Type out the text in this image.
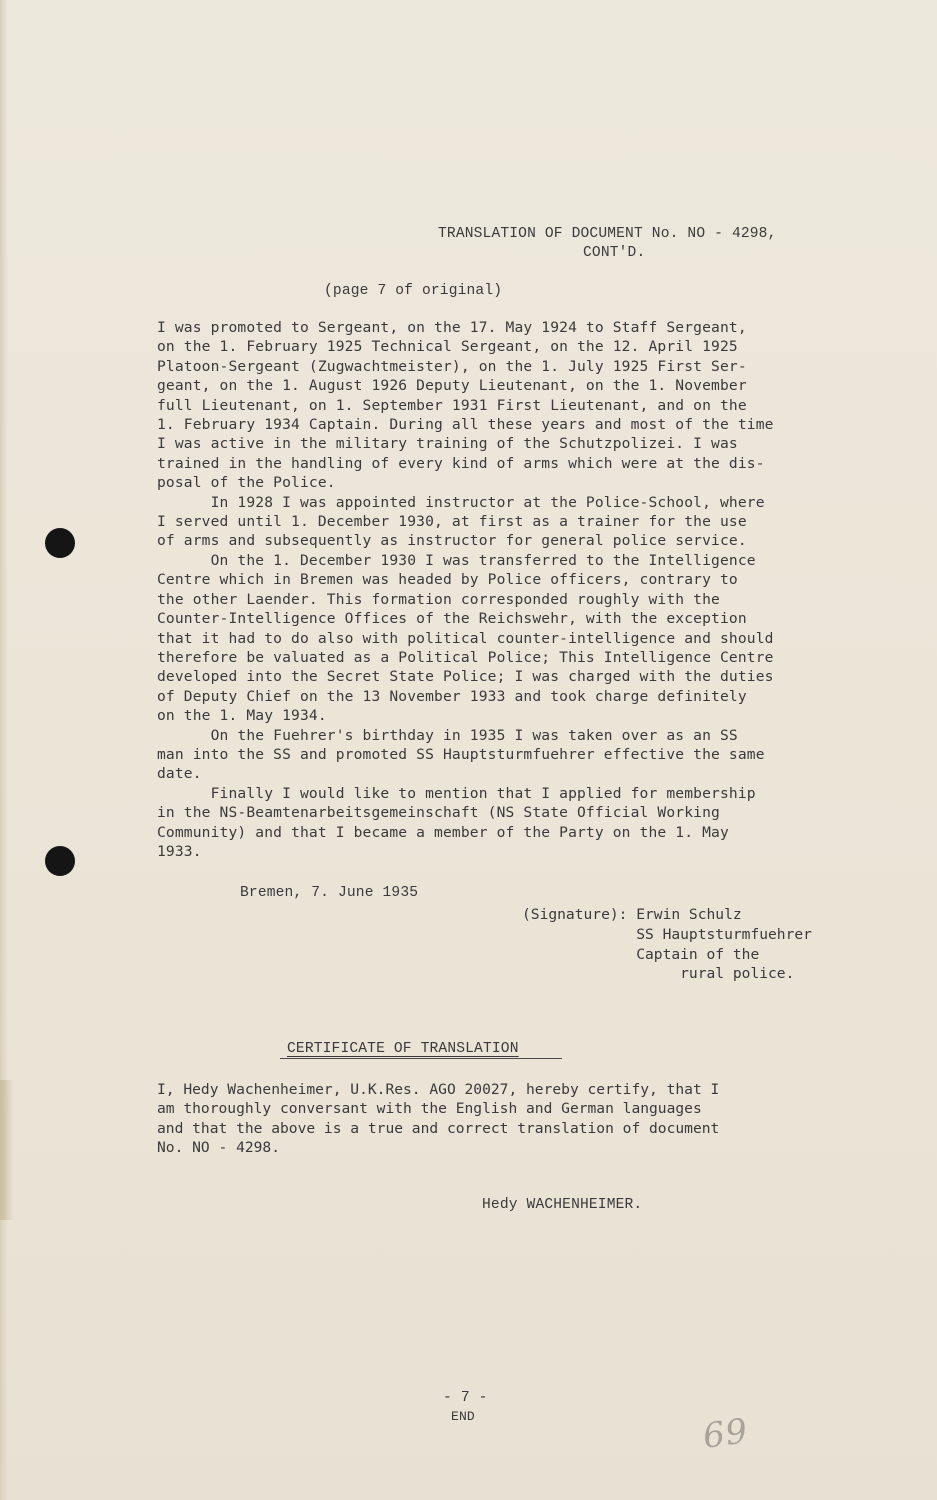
TRANSLATION OF DOCUMENT No. NO - 4298,
CONT'D.
(page 7 of original)
I was promoted to Sergeant, on the 17. May 1924 to Staff Sergeant,
on the 1. February 1925 Technical Sergeant, on the 12. April 1925
Platoon-Sergeant (Zugwachtmeister), on the 1. July 1925 First Ser-
geant, on the 1. August 1926 Deputy Lieutenant, on the 1. November
full Lieutenant, on 1. September 1931 First Lieutenant, and on the
1. February 1934 Captain. During all these years and most of the time
I was active in the military training of the Schutzpolizei. I was
trained in the handling of every kind of arms which were at the dis-
posal of the Police.
In 1928 I was appointed instructor at the Police-School, where
I served until 1. December 1930, at first as a trainer for the use
of arms and subsequently as instructor for general police service.
On the 1. December 1930 I was transferred to the Intelligence
Centre which in Bremen was headed by Police officers, contrary to
the other Laender. This formation corresponded roughly with the
Counter-Intelligence Offices of the Reichswehr, with the exception
that it had to do also with political counter-intelligence and should
therefore be valuated as a Political Police; This Intelligence Centre
developed into the Secret State Police; I was charged with the duties
of Deputy Chief on the 13 November 1933 and took charge definitely
on the 1. May 1934.
On the Fuehrer's birthday in 1935 I was taken over as an SS
man into the SS and promoted SS Hauptsturmfuehrer effective the same
date.
Finally I would like to mention that I applied for membership
in the NS-Beamtenarbeitsgemeinschaft (NS State Official Working
Community) and that I became a member of the Party on the 1. May
1933.
Bremen, 7. June 1935
(Signature): Erwin Schulz
SS Hauptsturmfuehrer
Captain of the
rural police.
CERTIFICATE OF TRANSLATION
I, Hedy Wachenheimer, U.K.Res. AGO 20027, hereby certify, that I
am thoroughly conversant with the English and German languages
and that the above is a true and correct translation of document
No. NO - 4298.
Hedy WACHENHEIMER.
- 7 -
END	69
